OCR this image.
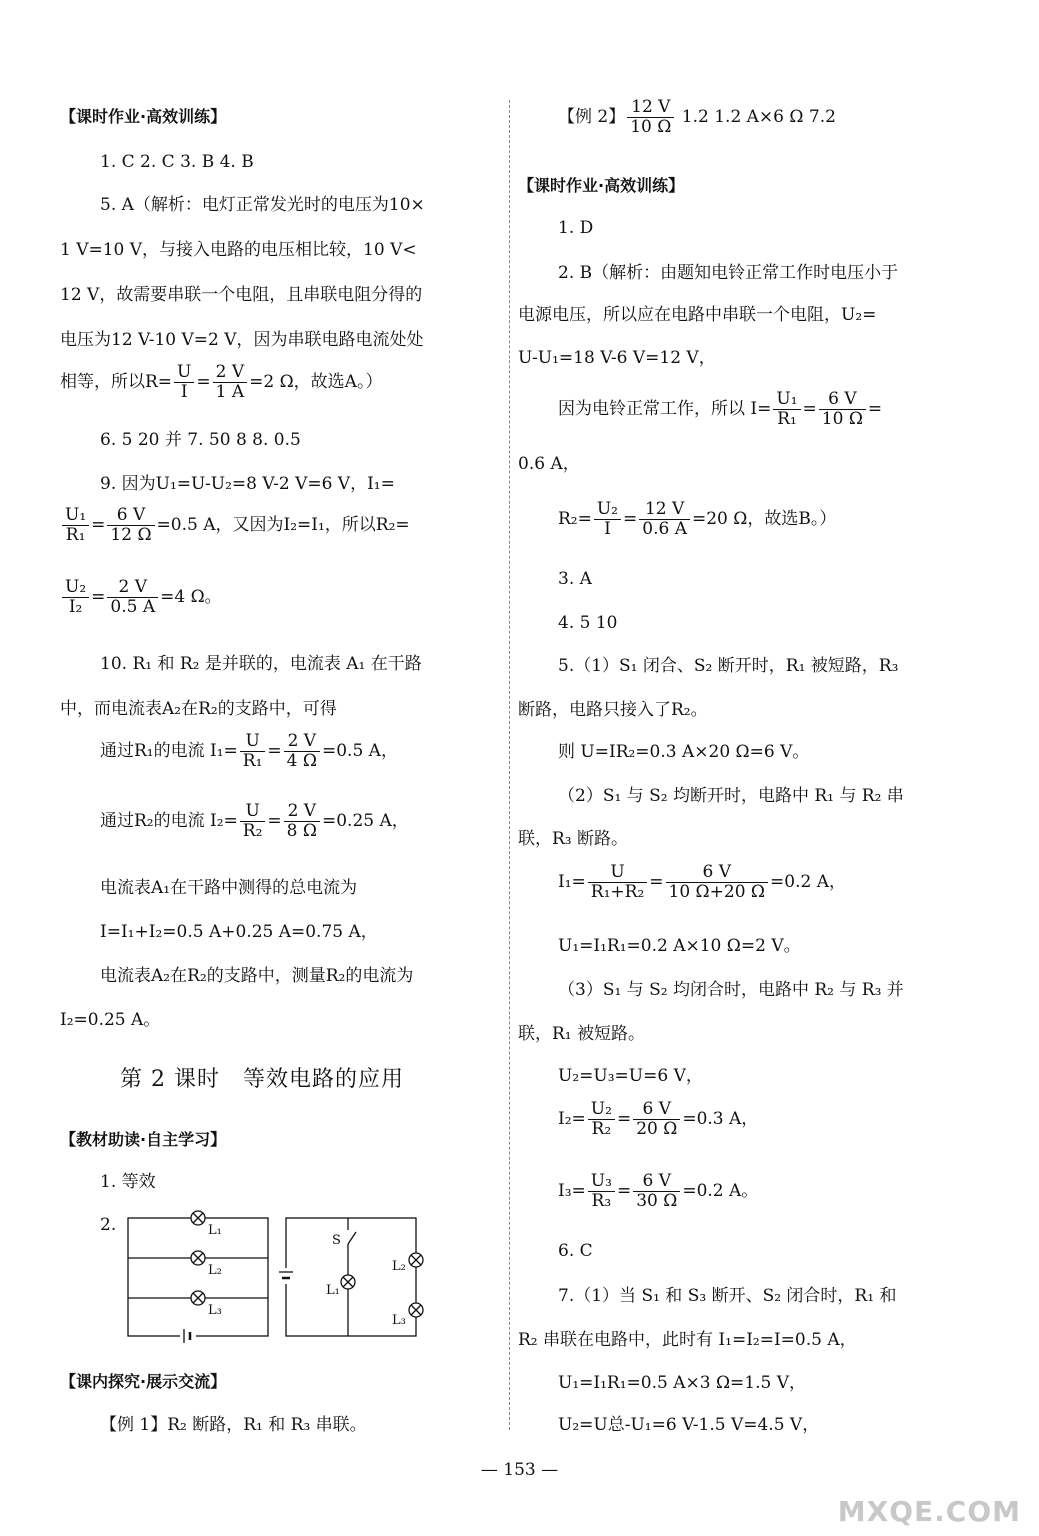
【课时作业·高效训练】
1. C 2. C 3. B 4. B
5. A（解析：电灯正常发光时的电压为10×
1 V=10 V，与接入电路的电压相比较，10 V<
12 V，故需要串联一个电阻，且串联电阻分得的
电压为12 V-10 V=2 V，因为串联电路电流处处
相等，所以$R= \frac{U}{I} = \frac{2 V}{1 A} =2$ Ω，故选A。）
6. 5 20 并 7. 50 8 8. 0.5
9. 因为U₁=U-U₂=8 V-2 V=6 V，I₁=
$\frac{\text{U₁}}{\text{R₁}} = \frac{6 V}{12 \Omega} =0.5$ A，又因为I₂=I₁，所以R₂=
$\frac{\text{U₂}}{\text{I₂}} = \frac{2 V}{0.5 A} =4$ Ω。
10. R₁ 和 R₂ 是并联的，电流表 A₁ 在干路
中，而电流表A₂在R₂的支路中，可得
通过R₁的电流 $I_1= \frac{U}{\text{R₁}} = \frac{2 V}{4 \Omega} =0.5$ A，
通过R₂的电流 $I_2= \frac{U}{\text{R₂}} = \frac{2 V}{8 \Omega} =0.25$ A，
电流表A₁在干路中测得的总电流为
I=I₁+I₂=0.5 A+0.25 A=0.75 A，
电流表A₂在R₂的支路中，测量R₂的电流为
I₂=0.25 A。
第 2 课时　等效电路的应用
【教材助读·自主学习】
1. 等效
2.	L₁
L₂
L₃
S
L₁
L₂
L₃
【课内探究·展示交流】
【例 1】R₂ 断路，R₁ 和 R₃ 串联。
【例 2】 $\frac{12 V}{10 \Omega} 1.2$ 1.2 A×6 Ω 7.2
【课时作业·高效训练】
1. D
2. B（解析：由题知电铃正常工作时电压小于
电源电压，所以应在电路中串联一个电阻，U₂=
U-U₁=18 V-6 V=12 V，
因为电铃正常工作，所以 $I= \frac{\text{U₁}}{\text{R₁}} = \frac{6 V}{10 \Omega}$ =
0.6 A，
$R_2= \frac{\text{U₂}}{I} = \frac{12 V}{0.6 A} =20$ Ω，故选B。）
3. A
4. 5 10
5.（1）S₁ 闭合、S₂ 断开时，R₁ 被短路，R₃
断路，电路只接入了R₂。
则 U=IR₂=0.3 A×20 Ω=6 V。
（2）S₁ 与 S₂ 均断开时，电路中 R₁ 与 R₂ 串
联，R₃ 断路。
$I_1= \frac{U}{\text{R₁+R₂}} = \frac{6 V}{10 \Omega+20 \Omega} =0.2$ A，
U₁=I₁R₁=0.2 A×10 Ω=2 V。
（3）S₁ 与 S₂ 均闭合时，电路中 R₂ 与 R₃ 并
联，R₁ 被短路。
U₂=U₃=U=6 V，
$I_2= \frac{\text{U₂}}{\text{R₂}} = \frac{6 V}{20 \Omega} =0.3$ A，
$I_3= \frac{\text{U₃}}{\text{R₃}} = \frac{6 V}{30 \Omega} =0.2$ A。
6. C
7.（1）当 S₁ 和 S₃ 断开、S₂ 闭合时，R₁ 和
R₂ 串联在电路中，此时有 I₁=I₂=I=0.5 A，
U₁=I₁R₁=0.5 A×3 Ω=1.5 V，
U₂=U总-U₁=6 V-1.5 V=4.5 V，
— 153 —
MXQE.COM
